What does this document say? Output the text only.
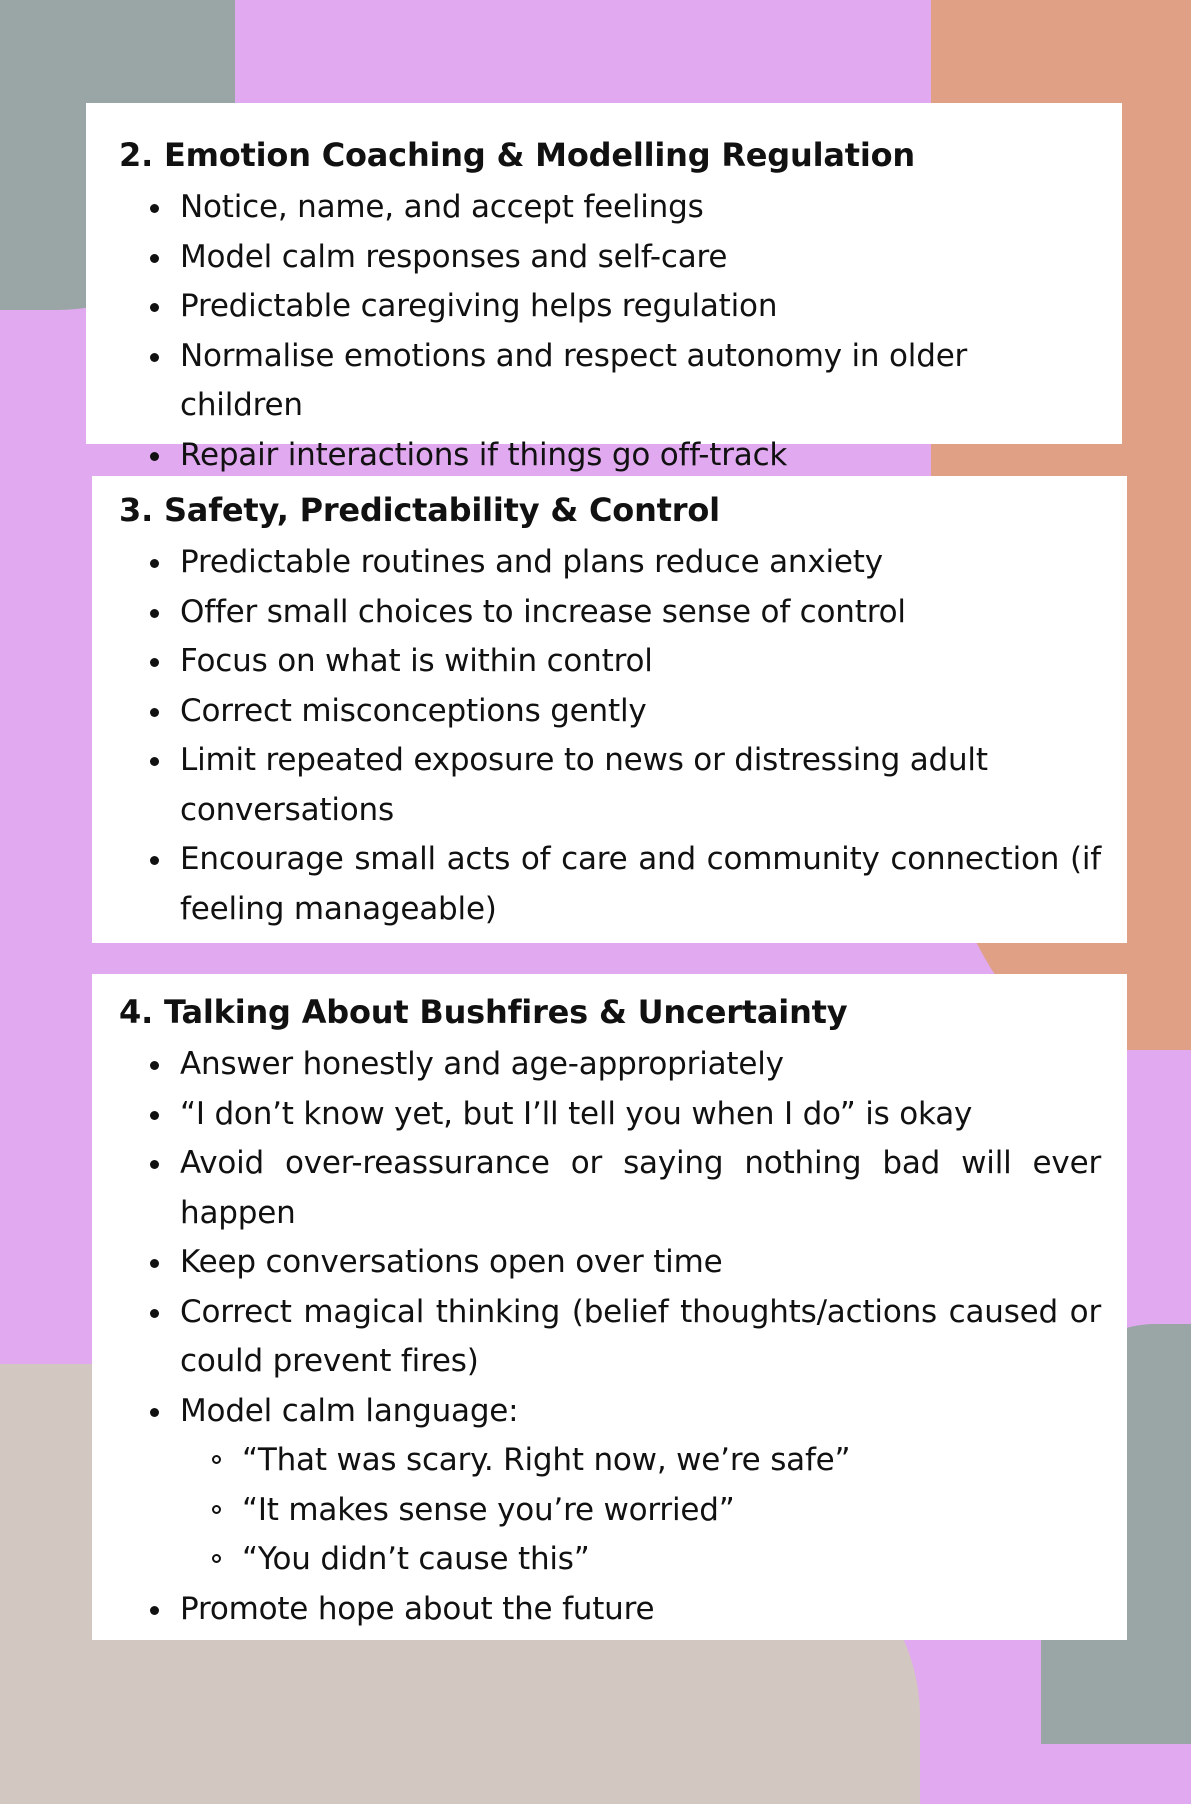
2. Emotion Coaching & Modelling Regulation
Notice, name, and accept feelings
Model calm responses and self-care
Predictable caregiving helps regulation
Normalise emotions and respect autonomy in older children
Repair interactions if things go off-track
3. Safety, Predictability & Control
Predictable routines and plans reduce anxiety
Offer small choices to increase sense of control
Focus on what is within control
Correct misconceptions gently
Limit repeated exposure to news or distressing adult conversations
Encourage small acts of care and community connection (if feeling manageable)
4. Talking About Bushfires & Uncertainty
Answer honestly and age-appropriately
“I don’t know yet, but I’ll tell you when I do” is okay
Avoid over-reassurance or saying nothing bad will ever happen
Keep conversations open over time
Correct magical thinking (belief thoughts/actions caused or could prevent fires)
Model calm language:
“That was scary. Right now, we’re safe”
“It makes sense you’re worried”
“You didn’t cause this”
Promote hope about the future
